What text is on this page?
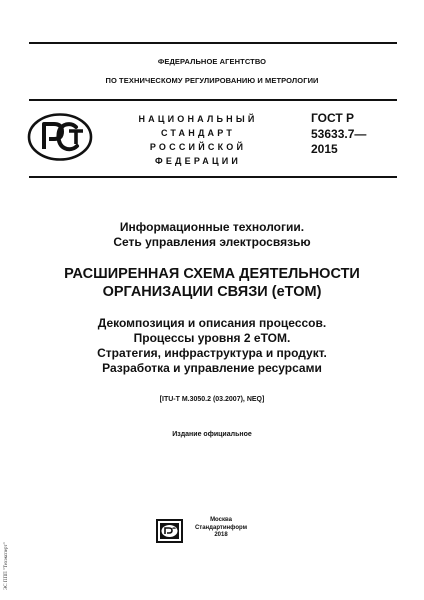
ФЕДЕРАЛЬНОЕ АГЕНТСТВО
ПО ТЕХНИЧЕСКОМУ РЕГУЛИРОВАНИЮ И МЕТРОЛОГИИ
НАЦИОНАЛЬНЫЙ
СТАНДАРТ
РОССИЙСКОЙ
ФЕДЕРАЦИИ
ГОСТ Р
53633.7—
2015
Информационные технологии.
Сеть управления электросвязью
РАСШИРЕННАЯ СХЕМА ДЕЯТЕЛЬНОСТИ
ОРГАНИЗАЦИИ СВЯЗИ (eTOM)
Декомпозиция и описания процессов.
Процессы уровня 2 eTOM.
Стратегия, инфраструктура и продукт.
Разработка и управление ресурсами
[ITU-T M.3050.2 (03.2007), NEQ]
Издание официальное
Москва
Стандартинформ
2018
ЭС ППП "Техэксперт"
